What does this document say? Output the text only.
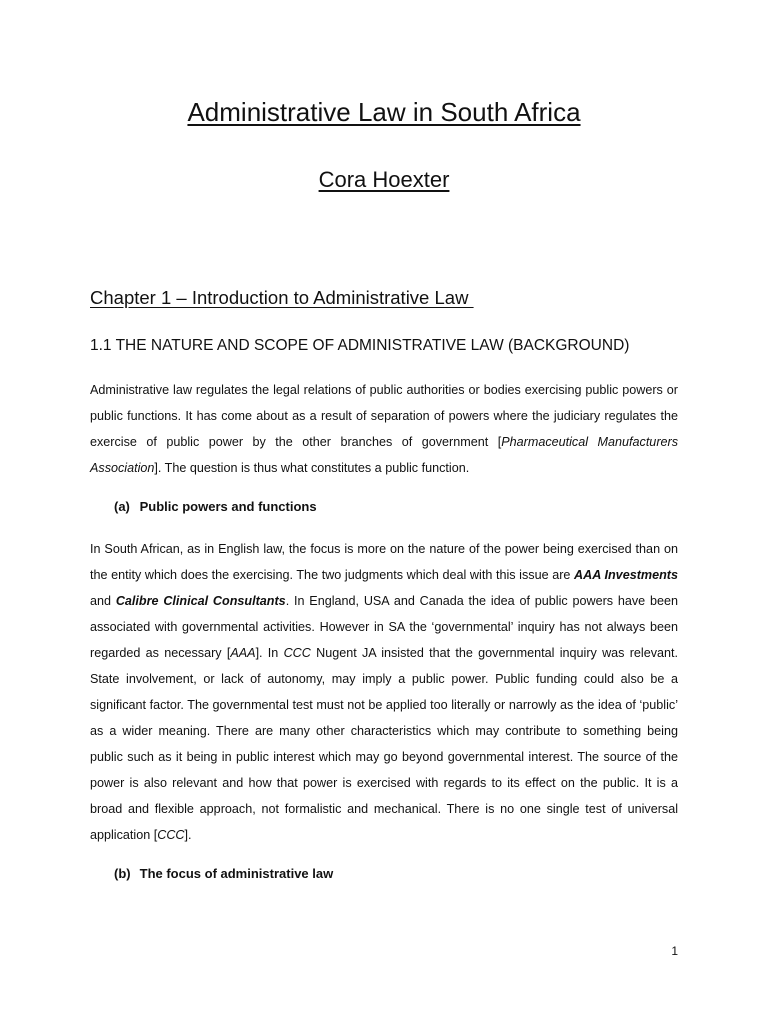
Administrative Law in South Africa
Cora Hoexter
Chapter 1 – Introduction to Administrative Law
1.1 THE NATURE AND SCOPE OF ADMINISTRATIVE LAW (BACKGROUND)

Administrative law regulates the legal relations of public authorities or bodies exercising public powers or public functions. It has come about as a result of separation of powers where the judiciary regulates the exercise of public power by the other branches of government [Pharmaceutical Manufacturers Association]. The question is thus what constitutes a public function.

(a) Public powers and functions

In South African, as in English law, the focus is more on the nature of the power being exercised than on the entity which does the exercising. The two judgments which deal with this issue are AAA Investments and Calibre Clinical Consultants. In England, USA and Canada the idea of public powers have been associated with governmental activities. However in SA the ‘governmental’ inquiry has not always been regarded as necessary [AAA]. In CCC Nugent JA insisted that the governmental inquiry was relevant. State involvement, or lack of autonomy, may imply a public power. Public funding could also be a significant factor. The governmental test must not be applied too literally or narrowly as the idea of ‘public’ as a wider meaning. There are many other characteristics which may contribute to something being public such as it being in public interest which may go beyond governmental interest. The source of the power is also relevant and how that power is exercised with regards to its effect on the public. It is a broad and flexible approach, not formalistic and mechanical. There is no one single test of universal application [CCC].

(b) The focus of administrative law
1
